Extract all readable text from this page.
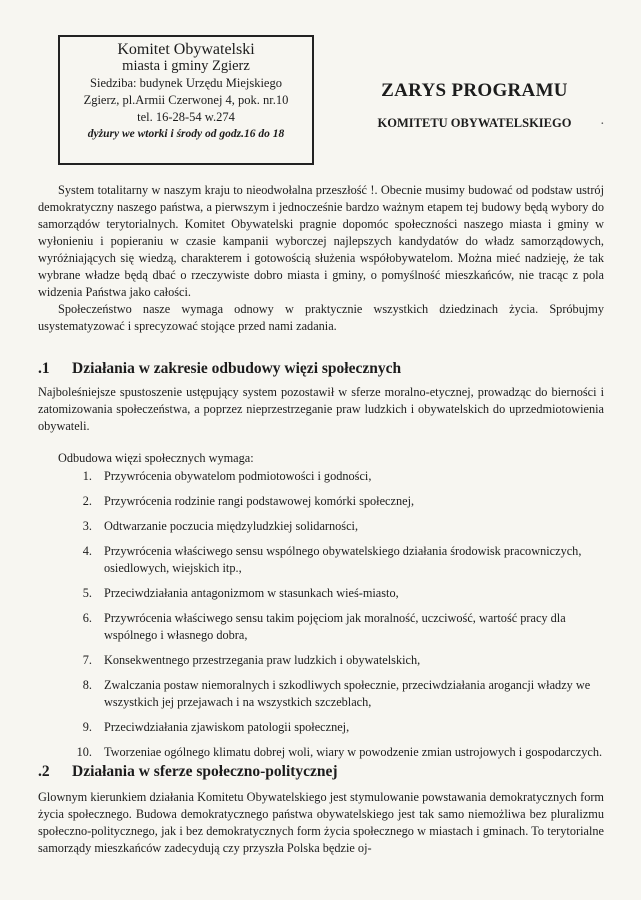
Komitet Obywatelski
miasta i gminy Zgierz
Siedziba: budynek Urzędu Miejskiego
Zgierz, pl.Armii Czerwonej 4, pok. nr.10
tel. 16-28-54 w.274
dyżury we wtorki i środy od godz.16 do 18
ZARYS PROGRAMU
KOMITETU OBYWATELSKIEGO

System totalitarny w naszym kraju to nieodwołalna przeszłość !. Obecnie musimy budować od podstaw ustrój demokratyczny naszego państwa, a pierwszym i jednocześnie bardzo ważnym etapem tej budowy będą wybory do samorządów terytorialnych. Komitet Obywatelski pragnie dopomóc społeczności naszego miasta i gminy w wyłonieniu i popieraniu w czasie kampanii wyborczej najlepszych kandydatów do władz samorządowych, wyróżniających się wiedzą, charakterem i gotowością służenia współobywatelom. Można mieć nadzieję, że tak wybrane władze będą dbać o rzeczywiste dobro miasta i gminy, o pomyślność mieszkańców, nie tracąc z pola widzenia Państwa jako całości.

Społeczeństwo nasze wymaga odnowy w praktycznie wszystkich dziedzinach życia. Spróbujmy usystematyzować i sprecyzować stojące przed nami zadania.

.1 Działania w zakresie odbudowy więzi społecznych

Najboleśniejsze spustoszenie ustępujący system pozostawił w sferze moralno-etycznej, prowadząc do bierności i zatomizowania społeczeństwa, a poprzez nieprzestrzeganie praw ludzkich i obywatelskich do uprzedmiotowienia obywateli.

Odbudowa więzi społecznych wymaga:

1. Przywrócenia obywatelom podmiotowości i godności,
2. Przywrócenia rodzinie rangi podstawowej komórki społecznej,
3. Odtwarzanie poczucia międzyludzkiej solidarności,
4. Przywrócenia właściwego sensu wspólnego obywatelskiego działania środowisk pracowniczych, osiedlowych, wiejskich itp.,
5. Przeciwdziałania antagonizmom w stasunkach wieś-miasto,
6. Przywrócenia właściwego sensu takim pojęciom jak moralność, uczciwość, wartość pracy dla wspólnego i własnego dobra,
7. Konsekwentnego przestrzegania praw ludzkich i obywatelskich,
8. Zwalczania postaw niemoralnych i szkodliwych społecznie, przeciwdziałania arogancji władzy we wszystkich jej przejawach i na wszystkich szczeblach,
9. Przeciwdziałania zjawiskom patologii społecznej,
10. Tworzeniae ogólnego klimatu dobrej woli, wiary w powodzenie zmian ustrojowych i gospodarczych.
.2 Działania w sferze społeczno-politycznej

Glownym kierunkiem działania Komitetu Obywatelskiego jest stymulowanie powstawania demokratycznych form życia społecznego. Budowa demokratycznego państwa obywatelskiego jest tak samo niemożliwa bez pluralizmu społeczno-politycznego, jak i bez demokratycznych form życia społecznego w miastach i gminach. To terytorialne samorządy mieszkańców zadecydują czy przyszła Polska będzie oj-

·
